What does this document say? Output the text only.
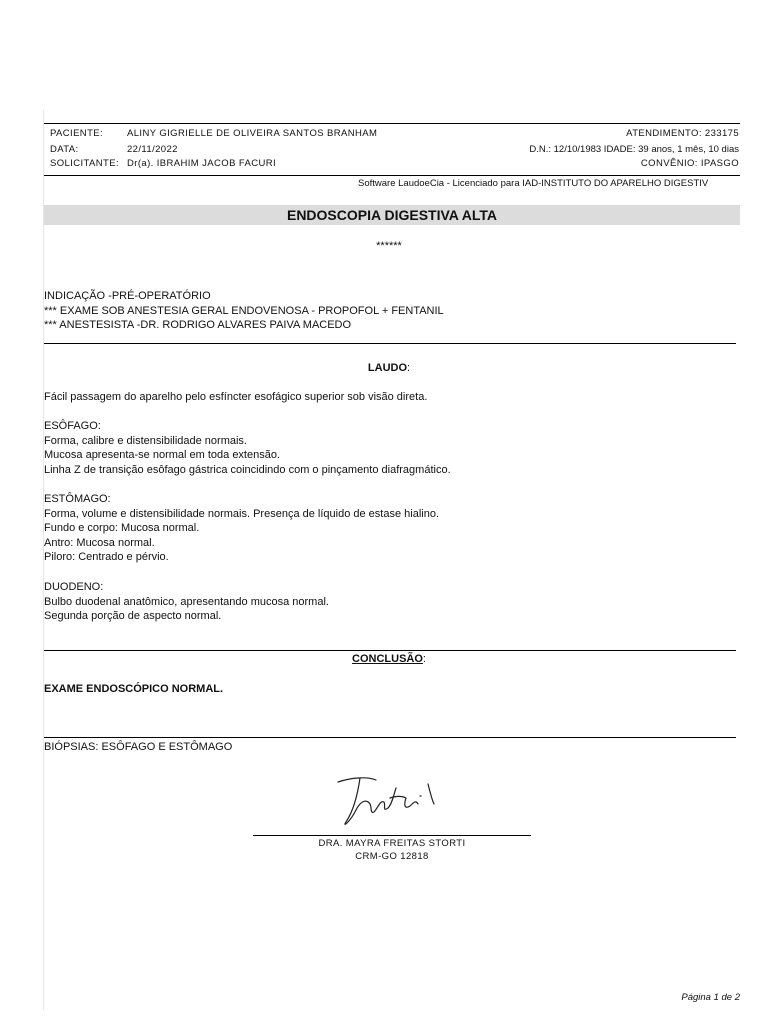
PACIENTE:	ALINY GIGRIELLE DE OLIVEIRA SANTOS BRANHAM	ATENDIMENTO: 233175
DATA:	22/11/2022	D.N.: 12/10/1983 IDADE: 39 anos, 1 mês, 10 dias
SOLICITANTE: Dr(a). IBRAHIM JACOB FACURI	CONVÊNIO: IPASGO
Software LaudoeCia - Licenciado para IAD-INSTITUTO DO APARELHO DIGESTIV
ENDOSCOPIA DIGESTIVA ALTA
******
INDICAÇÃO -PRÉ-OPERATÓRIO
*** EXAME SOB ANESTESIA GERAL ENDOVENOSA - PROPOFOL + FENTANIL
*** ANESTESISTA -DR. RODRIGO ALVARES PAIVA MACEDO
LAUDO:
Fácil passagem do aparelho pelo esfíncter esofágico superior sob visão direta.
ESÔFAGO:
Forma, calibre e distensibilidade normais.
Mucosa apresenta-se normal em toda extensão.
Linha Z de transição esôfago gástrica coincidindo com o pinçamento diafragmático.
ESTÔMAGO:
Forma, volume e distensibilidade normais. Presença de líquido de estase hialino.
Fundo e corpo: Mucosa normal.
Antro: Mucosa normal.
Piloro: Centrado e pérvio.
DUODENO:
Bulbo duodenal anatômico, apresentando mucosa normal.
Segunda porção de aspecto normal.
CONCLUSÃO:
EXAME ENDOSCÓPICO NORMAL.
BIÓPSIAS: ESÔFAGO E ESTÔMAGO
DRA. MAYRA FREITAS STORTI
CRM-GO 12818
Página 1 de 2
